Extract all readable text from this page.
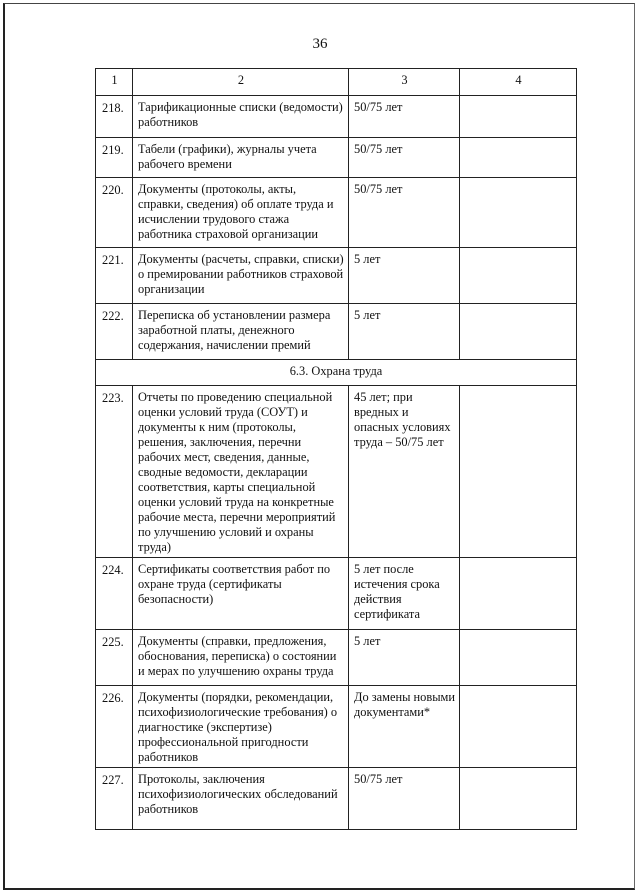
36
1	2	3	4
218.	Тарификационные списки (ведомости) работников	50/75 лет	
219.	Табели (графики), журналы учета рабочего времени	50/75 лет	
220.	Документы (протоколы, акты, справки, сведения) об оплате труда и исчислении трудового стажа работника страховой организации	50/75 лет	
221.	Документы (расчеты, справки, списки) о премировании работников страховой организации	5 лет	
222.	Переписка об установлении размера заработной платы, денежного содержания, начислении премий	5 лет	
6.3. Охрана труда			
223.	Отчеты по проведению специальной оценки условий труда (СОУТ) и документы к ним (протоколы, решения, заключения, перечни рабочих мест, сведения, данные, сводные ведомости, декларации соответствия, карты специальной оценки условий труда на конкретные рабочие места, перечни мероприятий по улучшению условий и охраны труда)	45 лет; при вредных и опасных условиях труда – 50/75 лет	
224.	Сертификаты соответствия работ по охране труда (сертификаты безопасности)	5 лет после истечения срока действия сертификата	
225.	Документы (справки, предложения, обоснования, переписка) о состоянии и мерах по улучшению охраны труда	5 лет	
226.	Документы (порядки, рекомендации, психофизиологические требования) о диагностике (экспертизе) профессиональной пригодности работников	До замены новыми документами*	
227.	Протоколы, заключения психофизиологических обследований работников	50/75 лет	
